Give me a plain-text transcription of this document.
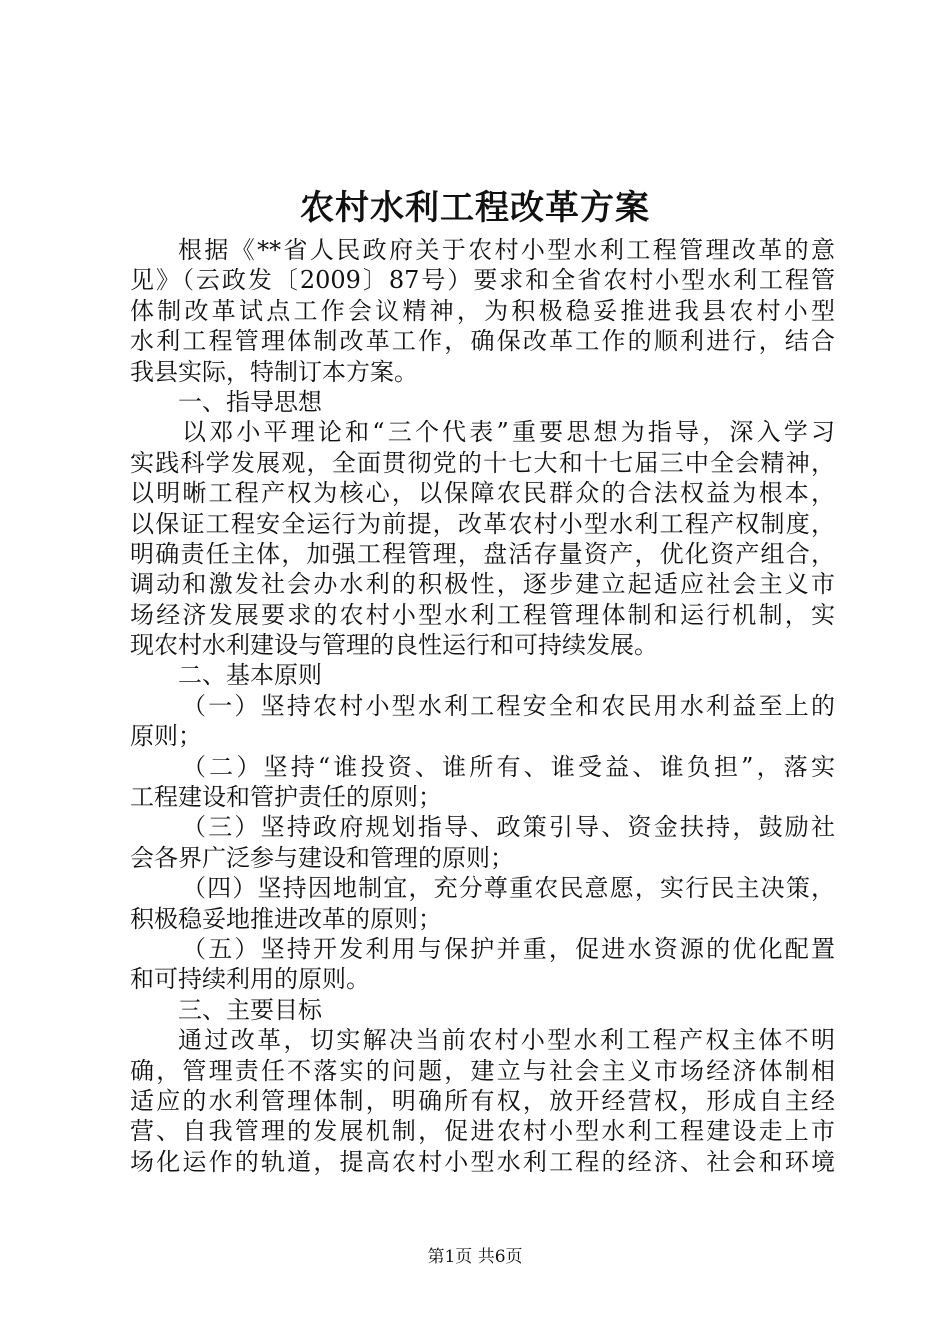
农村水利工程改革方案
根据《**省人民政府关于农村小型水利工程管理改革的意
见》（云政发〔2009〕87号）要求和全省农村小型水利工程管
体制改革试点工作会议精神，为积极稳妥推进我县农村小型
水利工程管理体制改革工作，确保改革工作的顺利进行，结合
我县实际，特制订本方案。
一、指导思想
以邓小平理论和“三个代表”重要思想为指导，深入学习
实践科学发展观，全面贯彻党的十七大和十七届三中全会精神，
以明晰工程产权为核心，以保障农民群众的合法权益为根本，
以保证工程安全运行为前提，改革农村小型水利工程产权制度，
明确责任主体，加强工程管理，盘活存量资产，优化资产组合，
调动和激发社会办水利的积极性，逐步建立起适应社会主义市
场经济发展要求的农村小型水利工程管理体制和运行机制，实
现农村水利建设与管理的良性运行和可持续发展。
二、基本原则
（一）坚持农村小型水利工程安全和农民用水利益至上的
原则；
（二）坚持“谁投资、谁所有、谁受益、谁负担”，落实
工程建设和管护责任的原则；
（三）坚持政府规划指导、政策引导、资金扶持，鼓励社
会各界广泛参与建设和管理的原则；
（四）坚持因地制宜，充分尊重农民意愿，实行民主决策，
积极稳妥地推进改革的原则；
（五）坚持开发利用与保护并重，促进水资源的优化配置
和可持续利用的原则。
三、主要目标
通过改革，切实解决当前农村小型水利工程产权主体不明
确，管理责任不落实的问题，建立与社会主义市场经济体制相
适应的水利管理体制，明确所有权，放开经营权，形成自主经
营、自我管理的发展机制，促进农村小型水利工程建设走上市
场化运作的轨道，提高农村小型水利工程的经济、社会和环境
第1页 共6页
